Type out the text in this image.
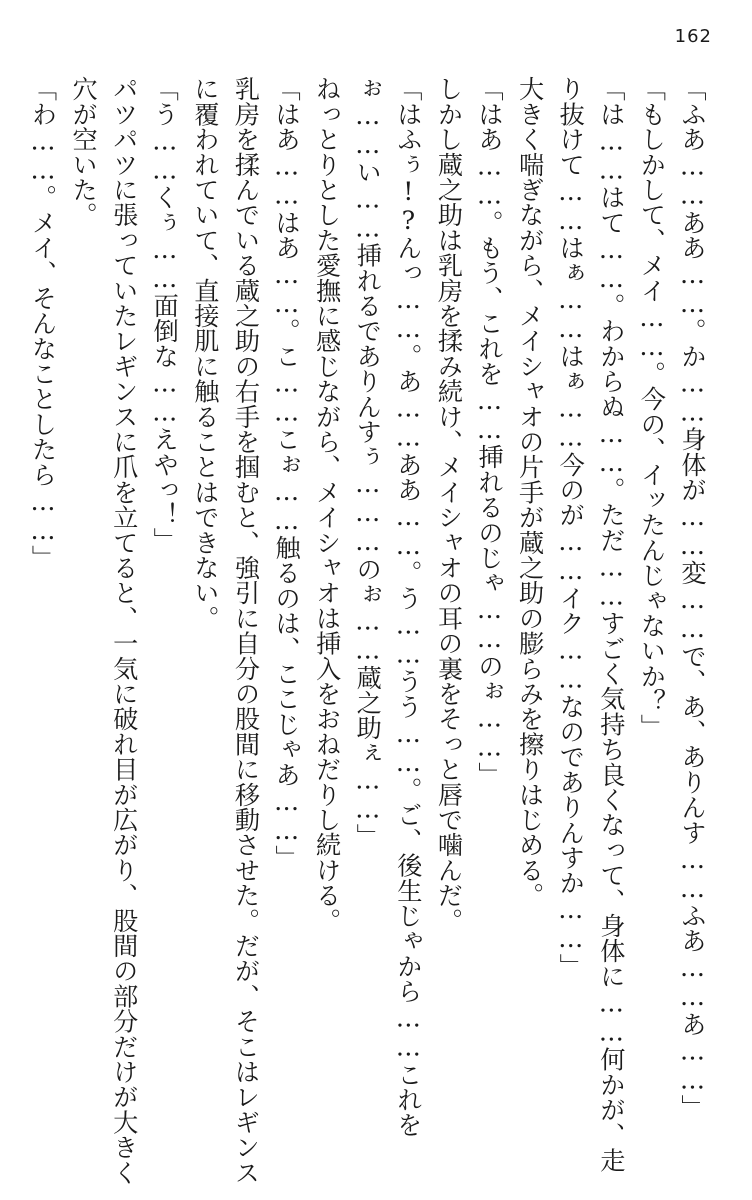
162
「ふあ……ああ……。か……身体が……変……で、あ、ありんす……ふあ……あ……」
「もしかして、メイ……。今の、イッたんじゃないか？」
「は……はて……。わからぬ……。ただ……すごく気持ち良くなって、身体に……何かが、走り抜けて……はぁ……はぁ……今のが……イク……なのでありんすか……」
大きく喘ぎながら、メイシャオの片手が蔵之助の膨らみを擦りはじめる。
「はあ……。もう、これを……挿れるのじゃ……のぉ……」
しかし蔵之助は乳房を揉み続け、メイシャオの耳の裏をそっと唇で噛んだ。
「はふぅ!?んっ……。あ……ああ……。う……うう……。ご、後生じゃから……これをぉ……い……挿れるでありんすぅ………のぉ……蔵之助ぇ……」
ねっとりとした愛撫に感じながら、メイシャオは挿入をおねだりし続ける。
「はあ……はあ……。こ……こぉ……触るのは、ここじゃあ……」
乳房を揉んでいる蔵之助の右手を掴むと、強引に自分の股間に移動させた。だが、そこはレギンスに覆われていて、直接肌に触ることはできない。
「う……くぅ……面倒な……えやっ！」
パツパツに張っていたレギンスに爪を立てると、一気に破れ目が広がり、股間の部分だけが大きく穴が空いた。
「わ……。メイ、そんなことしたら……」
